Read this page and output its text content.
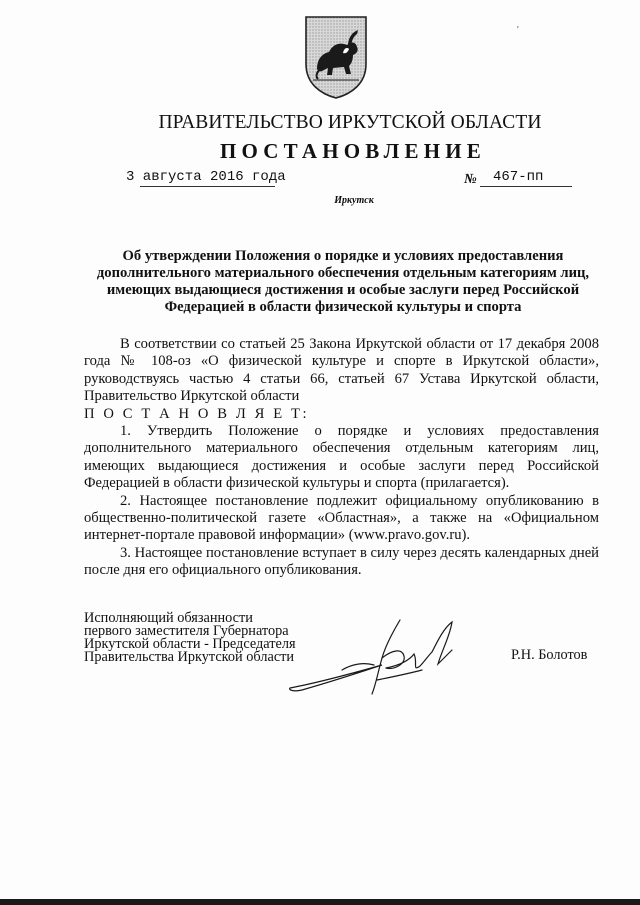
'
ПРАВИТЕЛЬСТВО ИРКУТСКОЙ ОБЛАСТИ
ПОСТАНОВЛЕНИЕ
3 августа 2016 года	№ 467-пп
Иркутск
Об утверждении Положения о порядке и условиях предоставления дополнительного материального обеспечения отдельным категориям лиц, имеющих выдающиеся достижения и особые заслуги перед Российской Федерацией в области физической культуры и спорта

В соответствии со статьей 25 Закона Иркутской области от 17 декабря 2008 года № 108-оз «О физической культуре и спорте в Иркутской области», руководствуясь частью 4 статьи 66, статьей 67 Устава Иркутской области, Правительство Иркутской области

П О С Т А Н О В Л Я Е Т:

1. Утвердить Положение о порядке и условиях предоставления дополнительного материального обеспечения отдельным категориям лиц, имеющих выдающиеся достижения и особые заслуги перед Российской Федерацией в области физической культуры и спорта (прилагается).

2. Настоящее постановление подлежит официальному опубликованию в общественно-политической газете «Областная», а также на «Официальном интернет-портале правовой информации» (www.pravo.gov.ru).

3. Настоящее постановление вступает в силу через десять календарных дней после дня его официального опубликования.

Исполняющий обязанности
первого заместителя Губернатора
Иркутской области - Председателя
Правительства Иркутской области	Р.Н. Болотов
